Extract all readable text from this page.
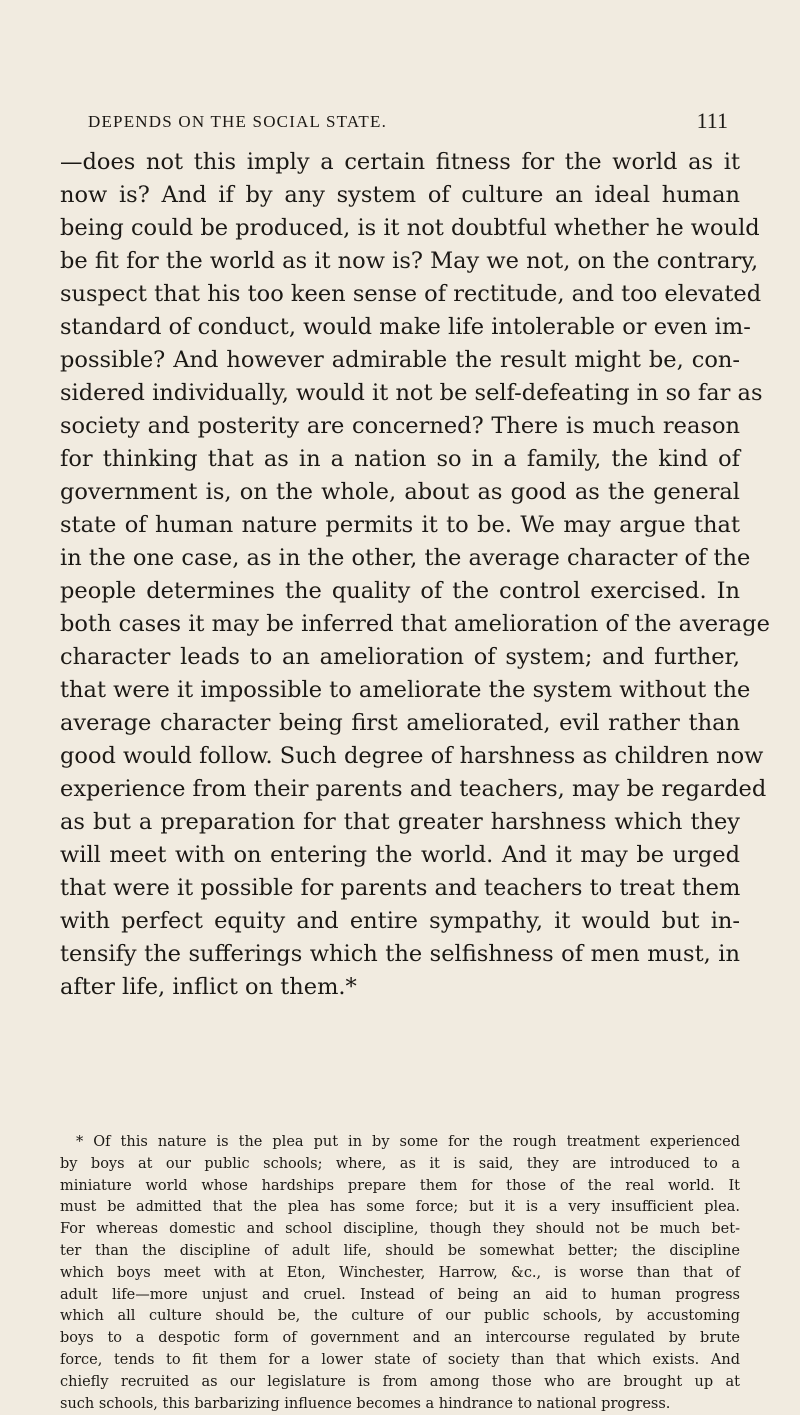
DEPENDS ON THE SOCIAL STATE.	111
—does not this imply a certain fitness for the world as it
now is? And if by any system of culture an ideal human
being could be produced, is it not doubtful whether he would
be fit for the world as it now is? May we not, on the contrary,
suspect that his too keen sense of rectitude, and too elevated
standard of conduct, would make life intolerable or even im-
possible? And however admirable the result might be, con-
sidered individually, would it not be self-defeating in so far as
society and posterity are concerned? There is much reason
for thinking that as in a nation so in a family, the kind of
government is, on the whole, about as good as the general
state of human nature permits it to be. We may argue that
in the one case, as in the other, the average character of the
people determines the quality of the control exercised. In
both cases it may be inferred that amelioration of the average
character leads to an amelioration of system; and further,
that were it impossible to ameliorate the system without the
average character being first ameliorated, evil rather than
good would follow. Such degree of harshness as children now
experience from their parents and teachers, may be regarded
as but a preparation for that greater harshness which they
will meet with on entering the world. And it may be urged
that were it possible for parents and teachers to treat them
with perfect equity and entire sympathy, it would but in-
tensify the sufferings which the selfishness of men must, in
after life, inflict on them.*
* Of this nature is the plea put in by some for the rough treatment experienced
by boys at our public schools; where, as it is said, they are introduced to a
miniature world whose hardships prepare them for those of the real world. It
must be admitted that the plea has some force; but it is a very insufficient plea.
For whereas domestic and school discipline, though they should not be much bet-
ter than the discipline of adult life, should be somewhat better; the discipline
which boys meet with at Eton, Winchester, Harrow, &c., is worse than that of
adult life—more unjust and cruel. Instead of being an aid to human progress
which all culture should be, the culture of our public schools, by accustoming
boys to a despotic form of government and an intercourse regulated by brute
force, tends to fit them for a lower state of society than that which exists. And
chiefly recruited as our legislature is from among those who are brought up at
such schools, this barbarizing influence becomes a hindrance to national progress.
